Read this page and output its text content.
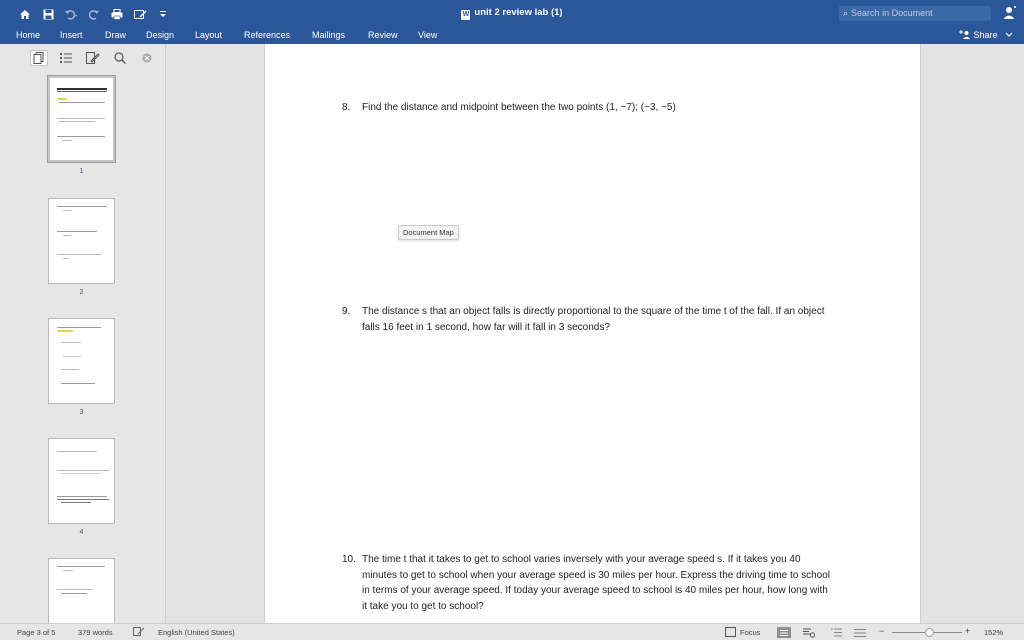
W unit 2 review lab (1)	⌕ Search in Document
Home Insert Draw Design Layout References Mailings	Review View	Share
1
2
3
4
8. Find the distance and midpoint between the two points (1, −7); (−3, −5)
9. The distance s that an object falls is directly proportional to the square of the time t of the fall. If an object falls 16 feet in 1 second, how far will it fall in 3 seconds?
10. The time t that it takes to get to school varies inversely with your average speed s. If it takes you 40 minutes to get to school when your average speed is 30 miles per hour. Express the driving time to school in terms of your average speed. If today your average speed to school is 40 miles per hour, how long with it take you to get to school?
Document Map
Page 3 of 5	379 words	English (United States)	Focus	−	+ 152%
